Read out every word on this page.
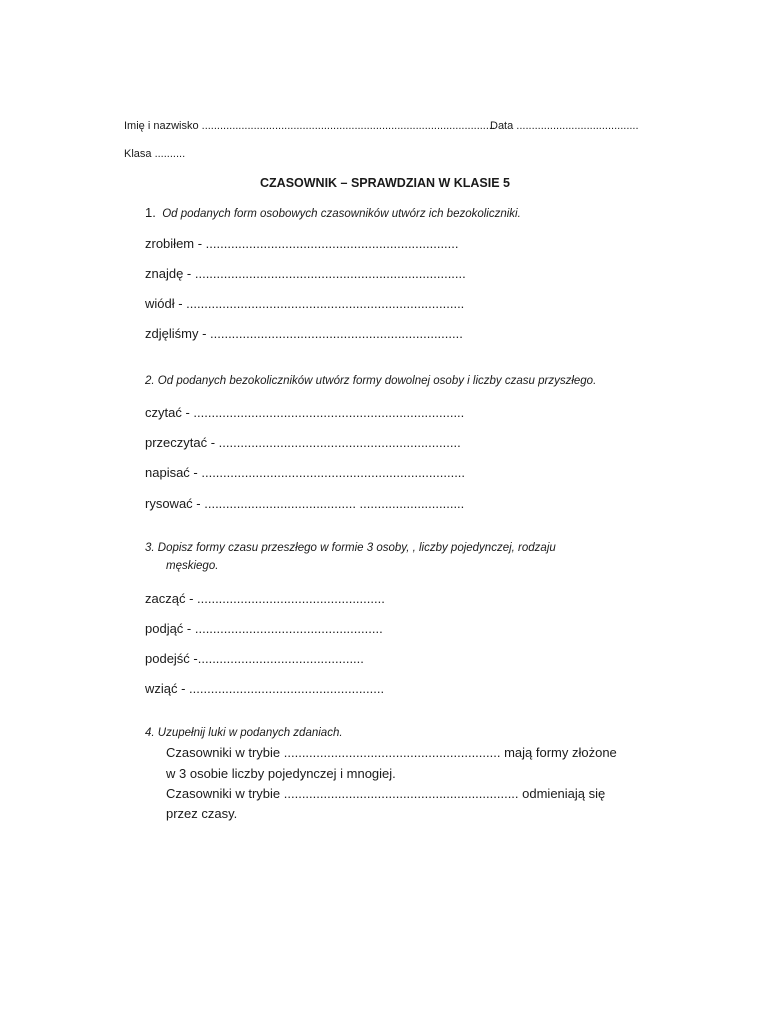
Imię i nazwisko ................................................................................................
Data ........................................
Klasa ..........
CZASOWNIK – SPRAWDZIAN W KLASIE 5
1. Od podanych form osobowych czasowników utwórz ich bezokoliczniki.
zrobiłem - ......................................................................
znajdę - ...........................................................................
wiódł - .............................................................................
zdjęliśmy - ......................................................................
2. Od podanych bezokoliczników utwórz formy dowolnej osoby i liczby czasu przyszłego.
czytać - ...........................................................................
przeczytać - ...................................................................
napisać - .........................................................................
rysować - .......................................... .............................
3. Dopisz formy czasu przeszłego w formie 3 osoby, , liczby pojedynczej, rodzaju
męskiego.
zacząć - ....................................................
podjąć - ....................................................
podejść -..............................................
wziąć - ......................................................
4. Uzupełnij luki w podanych zdaniach.
Czasowniki w trybie ............................................................ mają formy złożone
w 3 osobie liczby pojedynczej i mnogiej.
Czasowniki w trybie ................................................................. odmieniają się
przez czasy.
